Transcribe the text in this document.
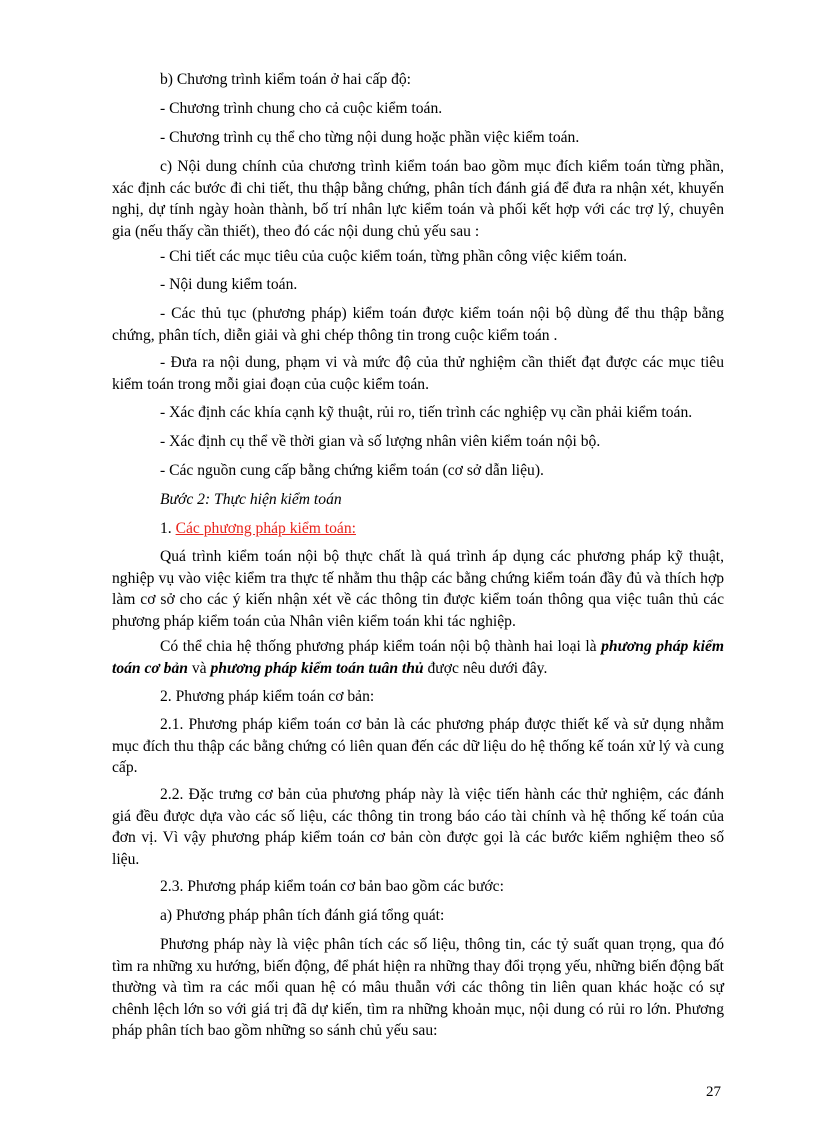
b) Chương trình kiểm toán ở hai cấp độ:

- Chương trình chung cho cả cuộc kiểm toán.

- Chương trình cụ thể cho từng nội dung hoặc phần việc kiểm toán.

c) Nội dung chính của chương trình kiểm toán bao gồm mục đích kiểm toán từng phần, xác định các bước đi chi tiết, thu thập bằng chứng, phân tích đánh giá để đưa ra nhận xét, khuyến nghị, dự tính ngày hoàn thành, bố trí nhân lực kiểm toán và phối kết hợp với các trợ lý, chuyên gia (nếu thấy cần thiết), theo đó các nội dung chủ yếu sau :

- Chi tiết các mục tiêu của cuộc kiểm toán, từng phần công việc kiểm toán.

- Nội dung kiểm toán.

- Các thủ tục (phương pháp) kiểm toán được kiểm toán nội bộ dùng để thu thập bằng chứng, phân tích, diễn giải và ghi chép thông tin trong cuộc kiểm toán .

- Đưa ra nội dung, phạm vi và mức độ của thử nghiệm cần thiết đạt được các mục tiêu kiểm toán trong mỗi giai đoạn của cuộc kiểm toán.

- Xác định các khía cạnh kỹ thuật, rủi ro, tiến trình các nghiệp vụ cần phải kiểm toán.

- Xác định cụ thể về thời gian và số lượng nhân viên kiểm toán nội bộ.

- Các nguồn cung cấp bằng chứng kiểm toán (cơ sở dẫn liệu).

Bước 2: Thực hiện kiểm toán

1. Các phương pháp kiểm toán:

Quá trình kiểm toán nội bộ thực chất là quá trình áp dụng các phương pháp kỹ thuật, nghiệp vụ vào việc kiểm tra thực tế nhằm thu thập các bằng chứng kiểm toán đầy đủ và thích hợp làm cơ sở cho các ý kiến nhận xét về các thông tin được kiểm toán thông qua việc tuân thủ các phương pháp kiểm toán của Nhân viên kiểm toán khi tác nghiệp.

Có thể chia hệ thống phương pháp kiểm toán nội bộ thành hai loại là phương pháp kiểm toán cơ bản và phương pháp kiểm toán tuân thủ được nêu dưới đây.

2. Phương pháp kiểm toán cơ bản:

2.1. Phương pháp kiểm toán cơ bản là các phương pháp được thiết kế và sử dụng nhằm mục đích thu thập các bằng chứng có liên quan đến các dữ liệu do hệ thống kế toán xử lý và cung cấp.

2.2. Đặc trưng cơ bản của phương pháp này là việc tiến hành các thử nghiệm, các đánh giá đều được dựa vào các số liệu, các thông tin trong báo cáo tài chính và hệ thống kế toán của đơn vị. Vì vậy phương pháp kiểm toán cơ bản còn được gọi là các bước kiểm nghiệm theo số liệu.

2.3. Phương pháp kiểm toán cơ bản bao gồm các bước:

a) Phương pháp phân tích đánh giá tổng quát:

Phương pháp này là việc phân tích các số liệu, thông tin, các tỷ suất quan trọng, qua đó tìm ra những xu hướng, biến động, để phát hiện ra những thay đổi trọng yếu, những biến động bất thường và tìm ra các mối quan hệ có mâu thuẫn với các thông tin liên quan khác hoặc có sự chênh lệch lớn so với giá trị đã dự kiến, tìm ra những khoản mục, nội dung có rủi ro lớn. Phương pháp phân tích bao gồm những so sánh chủ yếu sau:

27
